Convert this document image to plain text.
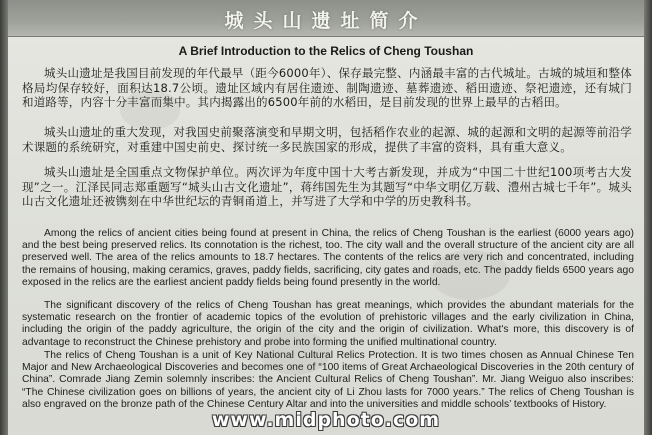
城头山遗址简介
A Brief Introduction to the Relics of Cheng Toushan
城头山遗址是我国目前发现的年代最早（距今6000年）、保存最完整、内涵最丰富的古代城址。古城的城垣和整体格局均保存较好，面积达18.7公顷。遗址区域内有居住遗迹、制陶遗迹、墓葬遗迹、稻田遗迹、祭祀遗迹，还有城门和道路等，内容十分丰富而集中。其内揭露出的6500年前的水稻田，是目前发现的世界上最早的古稻田。
城头山遗址的重大发现，对我国史前聚落演变和早期文明，包括稻作农业的起源、城的起源和文明的起源等前沿学术课题的系统研究，对重建中国史前史、探讨统一多民族国家的形成，提供了丰富的资料，具有重大意义。
城头山遗址是全国重点文物保护单位。两次评为年度中国十大考古新发现，并成为“中国二十世纪100项考古大发现”之一。江泽民同志郑重题写“城头山古文化遗址”，蒋纬国先生为其题写“中华文明亿万载、澧州古城七千年”。城头山古文化遗址还被镌刻在中华世纪坛的青铜甬道上，并写进了大学和中学的历史教科书。
Among the relics of ancient cities being found at present in China, the relics of Cheng Toushan is the earliest (6000 years ago) and the best being preserved relics. Its connotation is the richest, too. The city wall and the overall structure of the ancient city are all preserved well. The area of the relics amounts to 18.7 hectares. The contents of the relics are very rich and concentrated, including the remains of housing, making ceramics, graves, paddy fields, sacrificing, city gates and roads, etc. The paddy fields 6500 years ago exposed in the relics are the earliest ancient paddy fields being found presently in the world.
The significant discovery of the relics of Cheng Toushan has great meanings, which provides the abundant materials for the systematic research on the frontier of academic topics of the evolution of prehistoric villages and the early civilization in China, including the origin of the paddy agriculture, the origin of the city and the origin of civilization. What's more, this discovery is of advantage to reconstruct the Chinese prehistory and probe into forming the unified multinational country.
The relics of Cheng Toushan is a unit of Key National Cultural Relics Protection. It is two times chosen as Annual Chinese Ten Major and New Archaeological Discoveries and becomes one of “100 items of Great Archaeological Discoveries in the 20th century of China”. Comrade Jiang Zemin solemnly inscribes: the Ancient Cultural Relics of Cheng Toushan”. Mr. Jiang Weiguo also inscribes: “The Chinese civilization goes on billions of years, the ancient city of Li Zhou lasts for 7000 years.” The relics of Cheng Toushan is also engraved on the bronze path of the Chinese Century Altar and into the universities and middle schools’ textbooks of History.
www.midphoto.com
